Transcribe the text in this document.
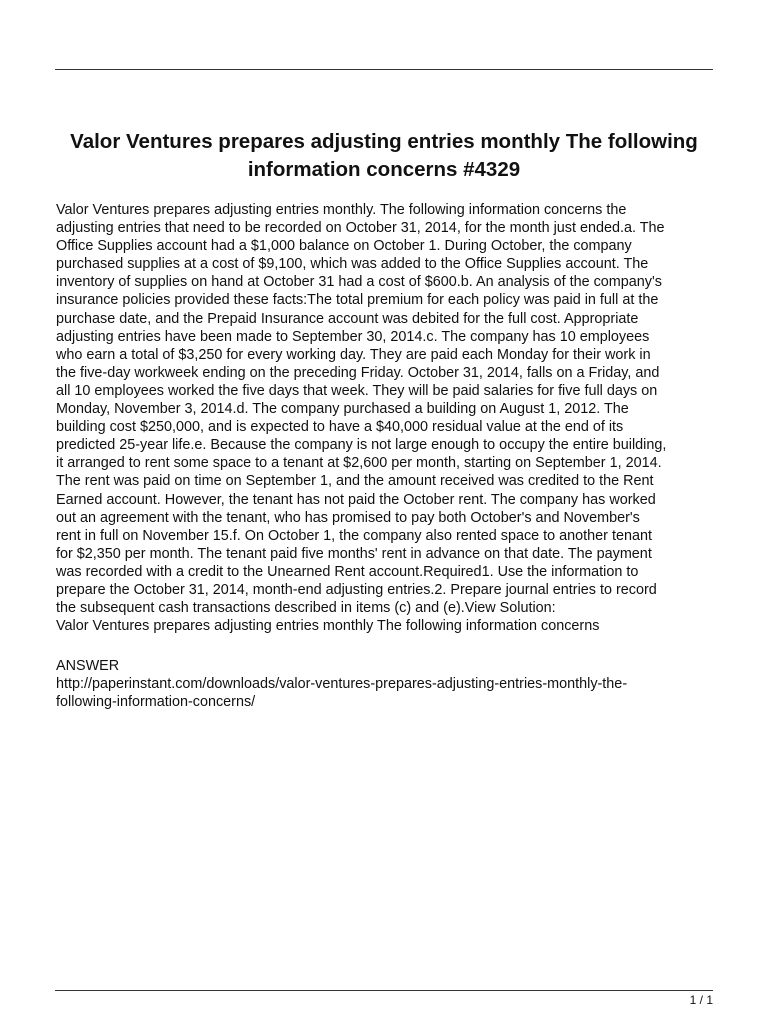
Valor Ventures prepares adjusting entries monthly The following information concerns #4329

Valor Ventures prepares adjusting entries monthly. The following information concerns the
adjusting entries that need to be recorded on October 31, 2014, for the month just ended.a. The
Office Supplies account had a $1,000 balance on October 1. During October, the company
purchased supplies at a cost of $9,100, which was added to the Office Supplies account. The
inventory of supplies on hand at October 31 had a cost of $600.b. An analysis of the company's
insurance policies provided these facts:The total premium for each policy was paid in full at the
purchase date, and the Prepaid Insurance account was debited for the full cost. Appropriate
adjusting entries have been made to September 30, 2014.c. The company has 10 employees
who earn a total of $3,250 for every working day. They are paid each Monday for their work in
the five-day workweek ending on the preceding Friday. October 31, 2014, falls on a Friday, and
all 10 employees worked the five days that week. They will be paid salaries for five full days on
Monday, November 3, 2014.d. The company purchased a building on August 1, 2012. The
building cost $250,000, and is expected to have a $40,000 residual value at the end of its
predicted 25-year life.e. Because the company is not large enough to occupy the entire building,
it arranged to rent some space to a tenant at $2,600 per month, starting on September 1, 2014.
The rent was paid on time on September 1, and the amount received was credited to the Rent
Earned account. However, the tenant has not paid the October rent. The company has worked
out an agreement with the tenant, who has promised to pay both October's and November's
rent in full on November 15.f. On October 1, the company also rented space to another tenant
for $2,350 per month. The tenant paid five months' rent in advance on that date. The payment
was recorded with a credit to the Unearned Rent account.Required1. Use the information to
prepare the October 31, 2014, month-end adjusting entries.2. Prepare journal entries to record
the subsequent cash transactions described in items (c) and (e).View Solution:
Valor Ventures prepares adjusting entries monthly The following information concerns

ANSWER
http://paperinstant.com/downloads/valor-ventures-prepares-adjusting-entries-monthly-the-
following-information-concerns/
1 / 1
